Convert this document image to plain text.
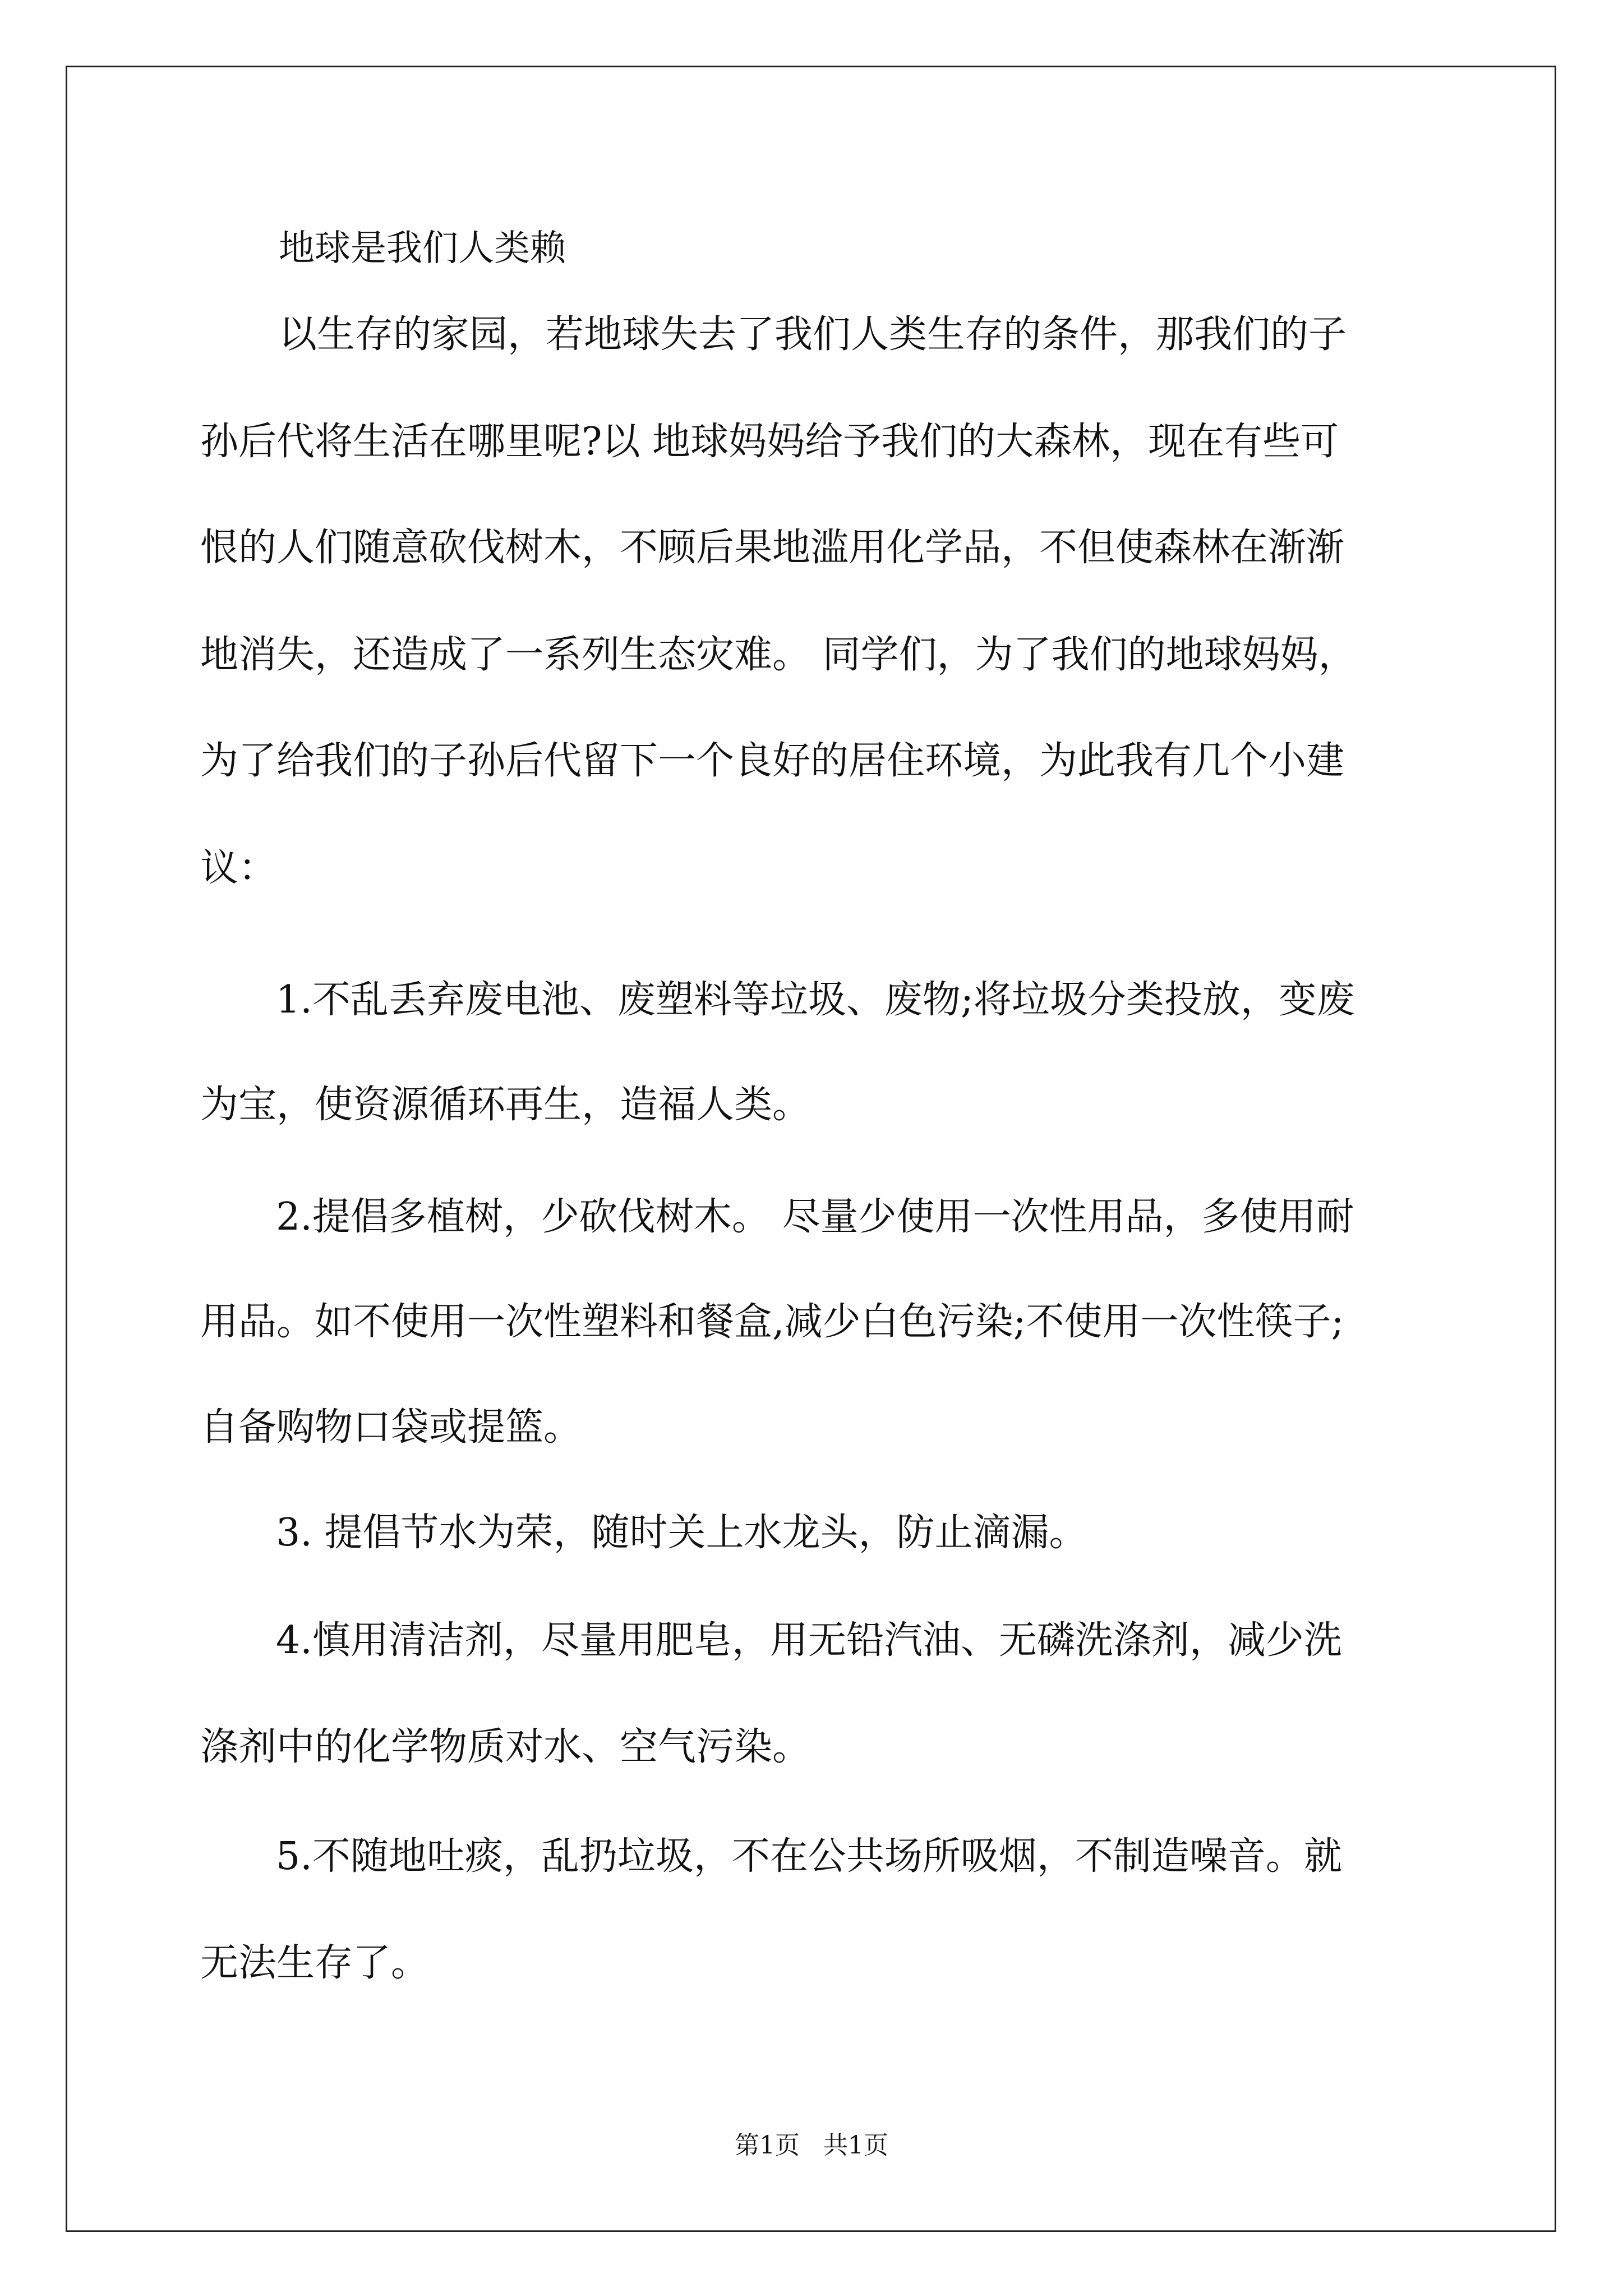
地球是我们人类赖
以生存的家园，若地球失去了我们人类生存的条件，那我们的子
孙后代将生活在哪里呢?以 地球妈妈给予我们的大森林，现在有些可
恨的人们随意砍伐树木，不顾后果地滥用化学品，不但使森林在渐渐
地消失，还造成了一系列生态灾难。 同学们，为了我们的地球妈妈，
为了给我们的子孙后代留下一个良好的居住环境，为此我有几个小建
议：
1.不乱丢弃废电池、废塑料等垃圾、废物;将垃圾分类投放，变废
为宝，使资源循环再生，造福人类。
2.提倡多植树，少砍伐树木。 尽量少使用一次性用品，多使用耐
用品。如不使用一次性塑料和餐盒,减少白色污染;不使用一次性筷子;
自备购物口袋或提篮。
3. 提倡节水为荣，随时关上水龙头，防止滴漏。
4.慎用清洁剂，尽量用肥皂，用无铅汽油、无磷洗涤剂，减少洗
涤剂中的化学物质对水、空气污染。
5.不随地吐痰，乱扔垃圾，不在公共场所吸烟，不制造噪音。就
无法生存了。
第1页   共1页
